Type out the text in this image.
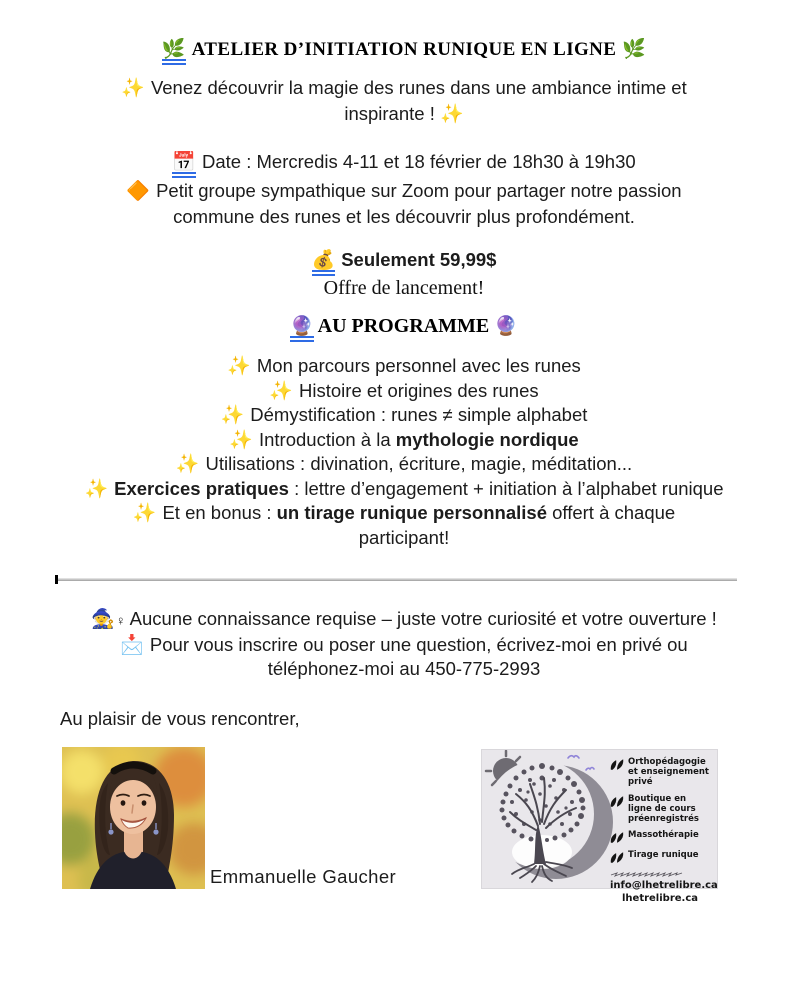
🌿 ATELIER D’INITIATION RUNIQUE EN LIGNE 🌿

✨ Venez découvrir la magie des runes dans une ambiance intime et inspirante ! ✨

📅 Date : Mercredis 4-11 et 18 février de 18h30 à 19h30

🔶 Petit groupe sympathique sur Zoom pour partager notre passion commune des runes et les découvrir plus profondément.

💰 Seulement 59,99$

Offre de lancement!

🔮 AU PROGRAMME 🔮

✨ Mon parcours personnel avec les runes
✨ Histoire et origines des runes
✨ Démystification : runes ≠ simple alphabet
✨ Introduction à la mythologie nordique
✨ Utilisations : divination, écriture, magie, méditation...
✨ Exercices pratiques : lettre d’engagement + initiation à l’alphabet runique
✨ Et en bonus : un tirage runique personnalisé offert à chaque participant!

🧙♀ Aucune connaissance requise – juste votre curiosité et votre ouverture !

📩 Pour vous inscrire ou poser une question, écrivez-moi en privé ou téléphonez-moi au 450-775-2993

Au plaisir de vous rencontrer,

Emmanuelle Gaucher
Orthopédagogie et enseignement privé
Boutique en ligne de cours préenregistrés
Massothérapie
Tirage runique
info@lhetrelibre.ca
lhetrelibre.ca
